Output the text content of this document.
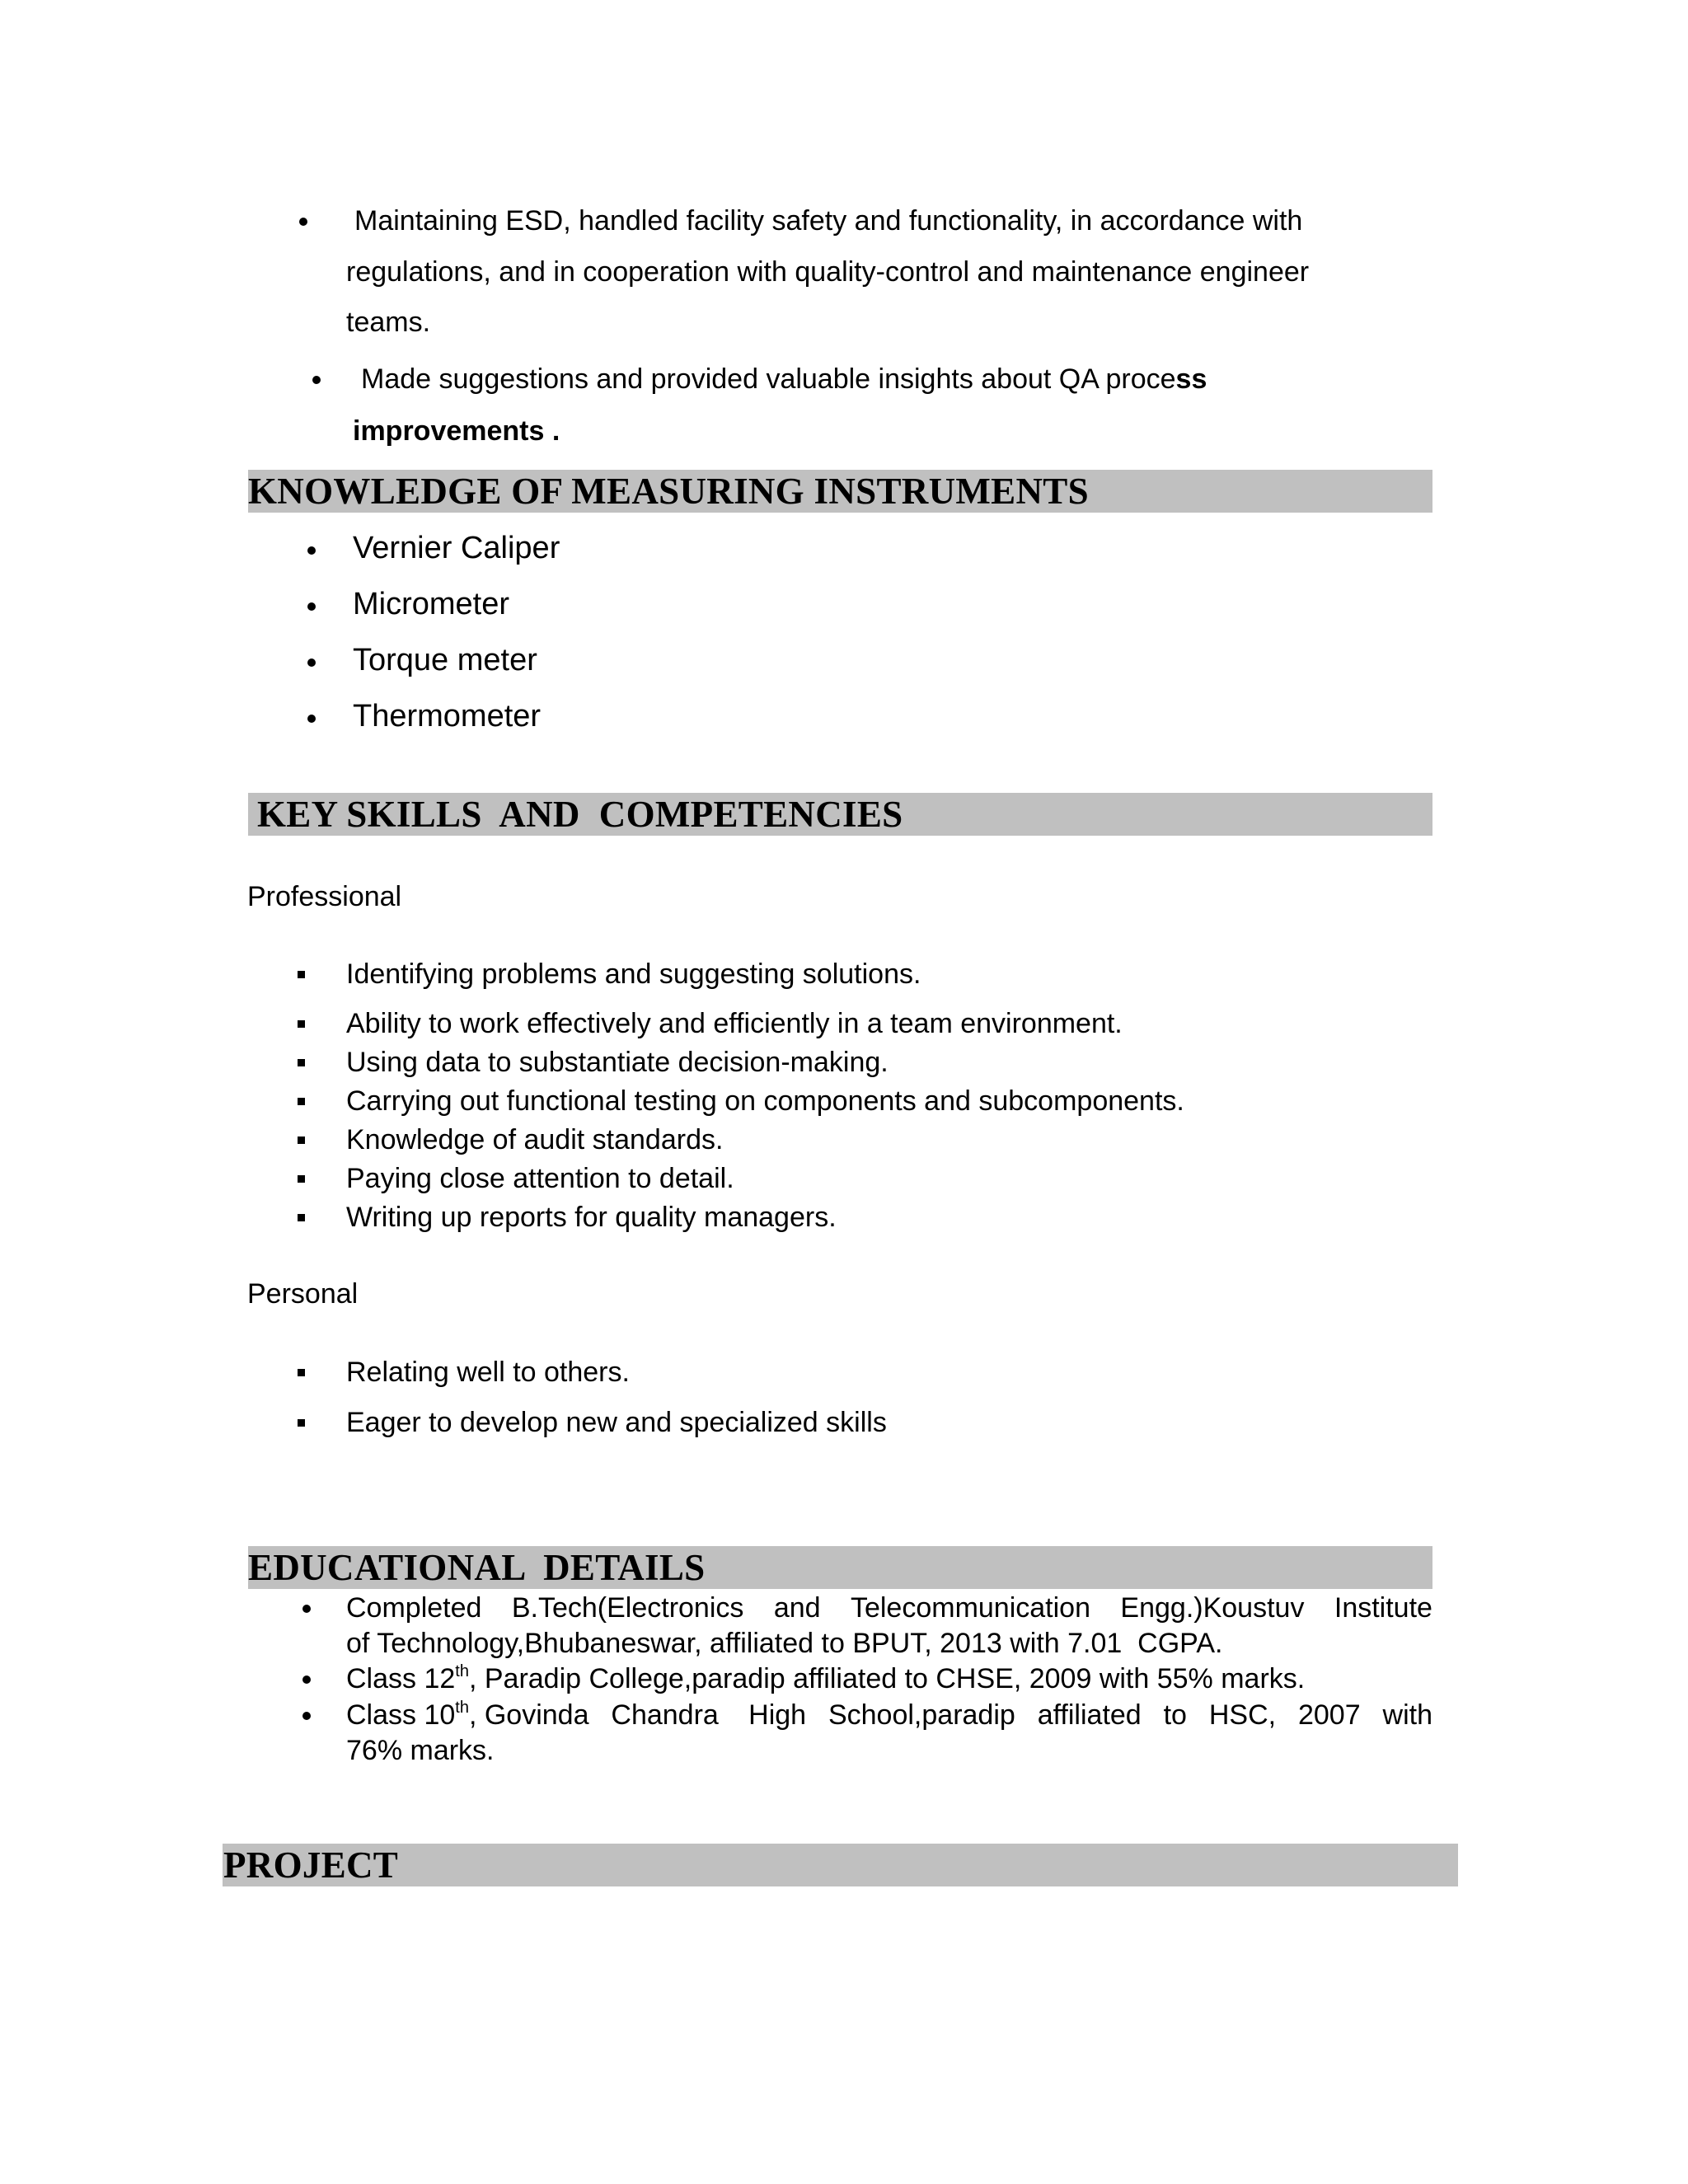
Maintaining ESD, handled facility safety and functionality, in accordance with
regulations, and in cooperation with quality-control and maintenance engineer
teams.
Made suggestions and provided valuable insights about QA process
improvements .
KNOWLEDGE OF MEASURING INSTRUMENTS
Vernier Caliper
Micrometer
Torque meter
Thermometer
KEY SKILLS  AND  COMPETENCIES
Professional
Identifying problems and suggesting solutions.
Ability to work effectively and efficiently in a team environment.
Using data to substantiate decision-making.
Carrying out functional testing on components and subcomponents.
Knowledge of audit standards.
Paying close attention to detail.
Writing up reports for quality managers.
Personal
Relating well to others.
Eager to develop new and specialized skills
EDUCATIONAL  DETAILS
Completed B.Tech(Electronics and Telecommunication Engg.)Koustuv Institute
of Technology,Bhubaneswar, affiliated to BPUT, 2013 with 7.01  CGPA.
Class 12th, Paradip College,paradip affiliated to CHSE, 2009 with 55% marks.
Class 10th, Govinda Chandra High School,paradip affiliated to HSC, 2007 with
76% marks.
PROJECT
